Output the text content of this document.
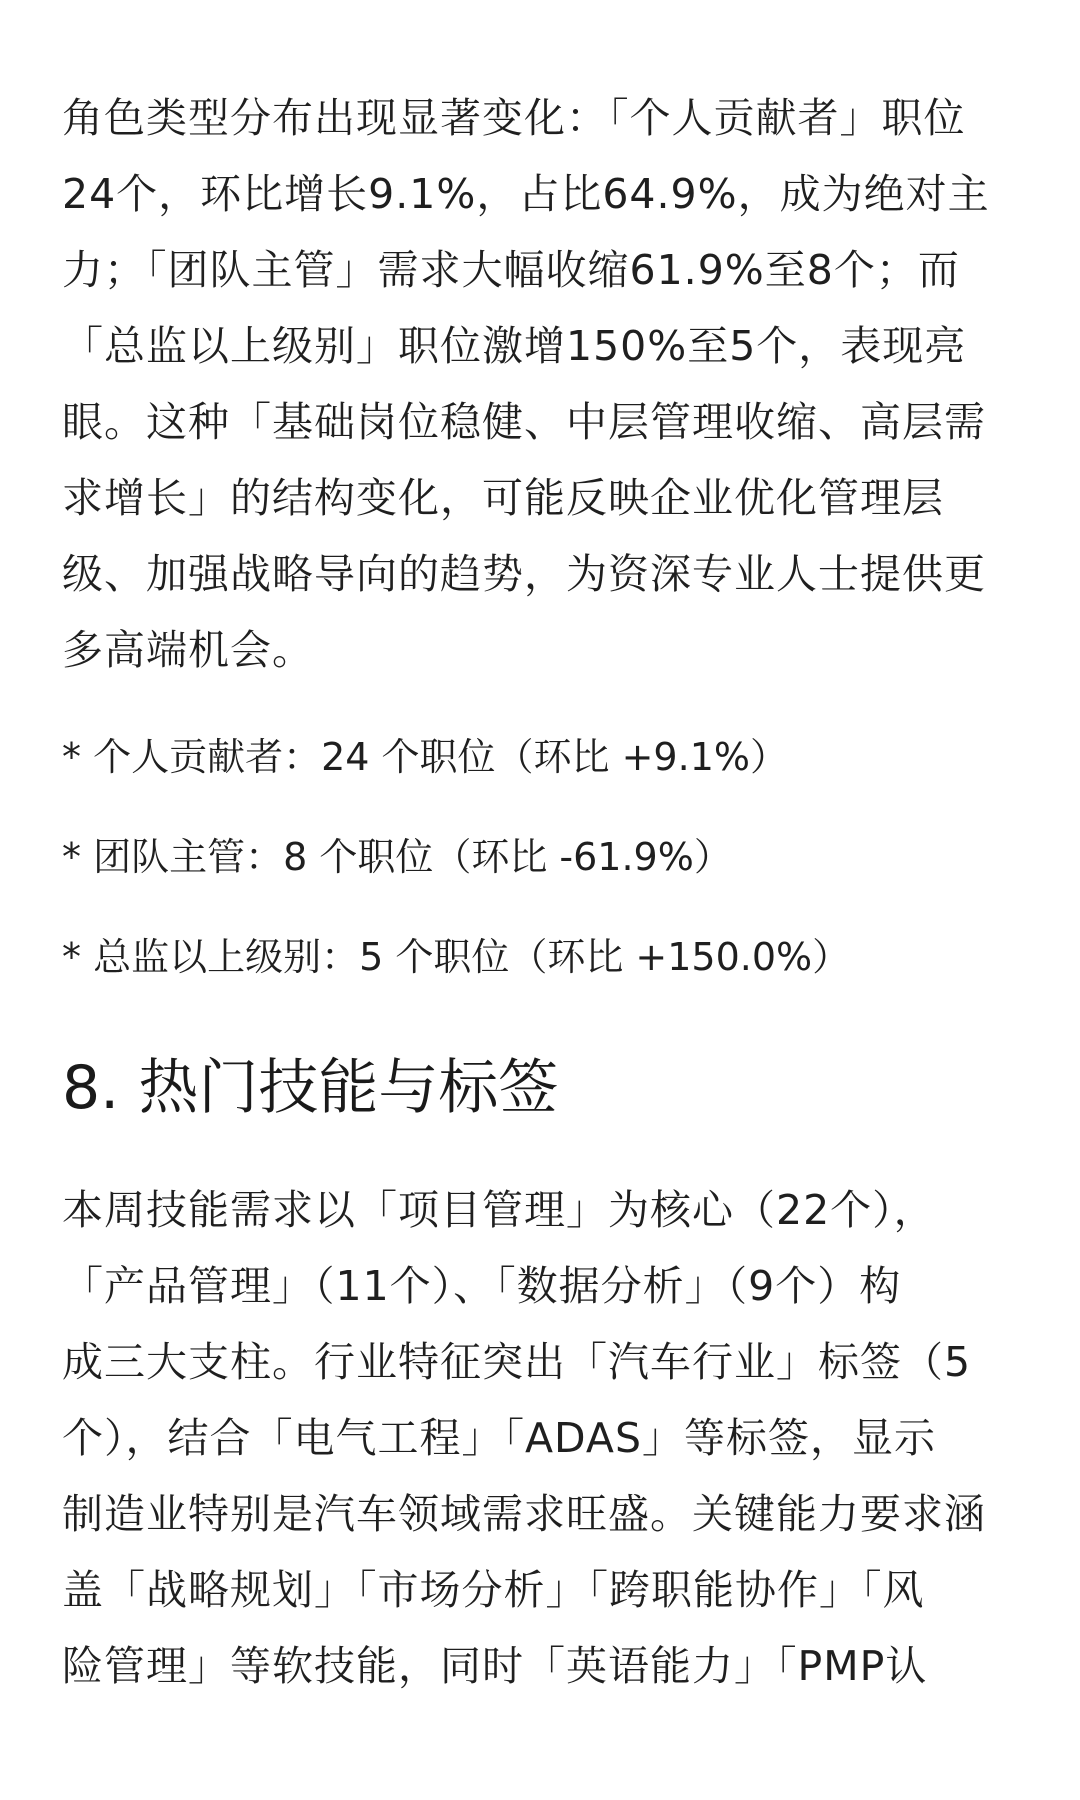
角色类型分布出现显著变化：「个人贡献者」职位
24个，环比增长9.1%，占比64.9%，成为绝对主
力；「团队主管」需求大幅收缩61.9%至8个；而
「总监以上级别」职位激增150%至5个，表现亮
眼。这种「基础岗位稳健、中层管理收缩、高层需
求增长」的结构变化，可能反映企业优化管理层
级、加强战略导向的趋势，为资深专业人士提供更
多高端机会。

* 个人贡献者：24 个职位（环比 +9.1%）
* 团队主管：8 个职位（环比 -61.9%）
* 总监以上级别：5 个职位（环比 +150.0%）
8. 热门技能与标签

本周技能需求以「项目管理」为核心（22个），
「产品管理」（11个）、「数据分析」（9个）构
成三大支柱。行业特征突出「汽车行业」标签（5
个），结合「电气工程」「ADAS」等标签，显示
制造业特别是汽车领域需求旺盛。关键能力要求涵
盖「战略规划」「市场分析」「跨职能协作」「风
险管理」等软技能，同时「英语能力」「PMP认
